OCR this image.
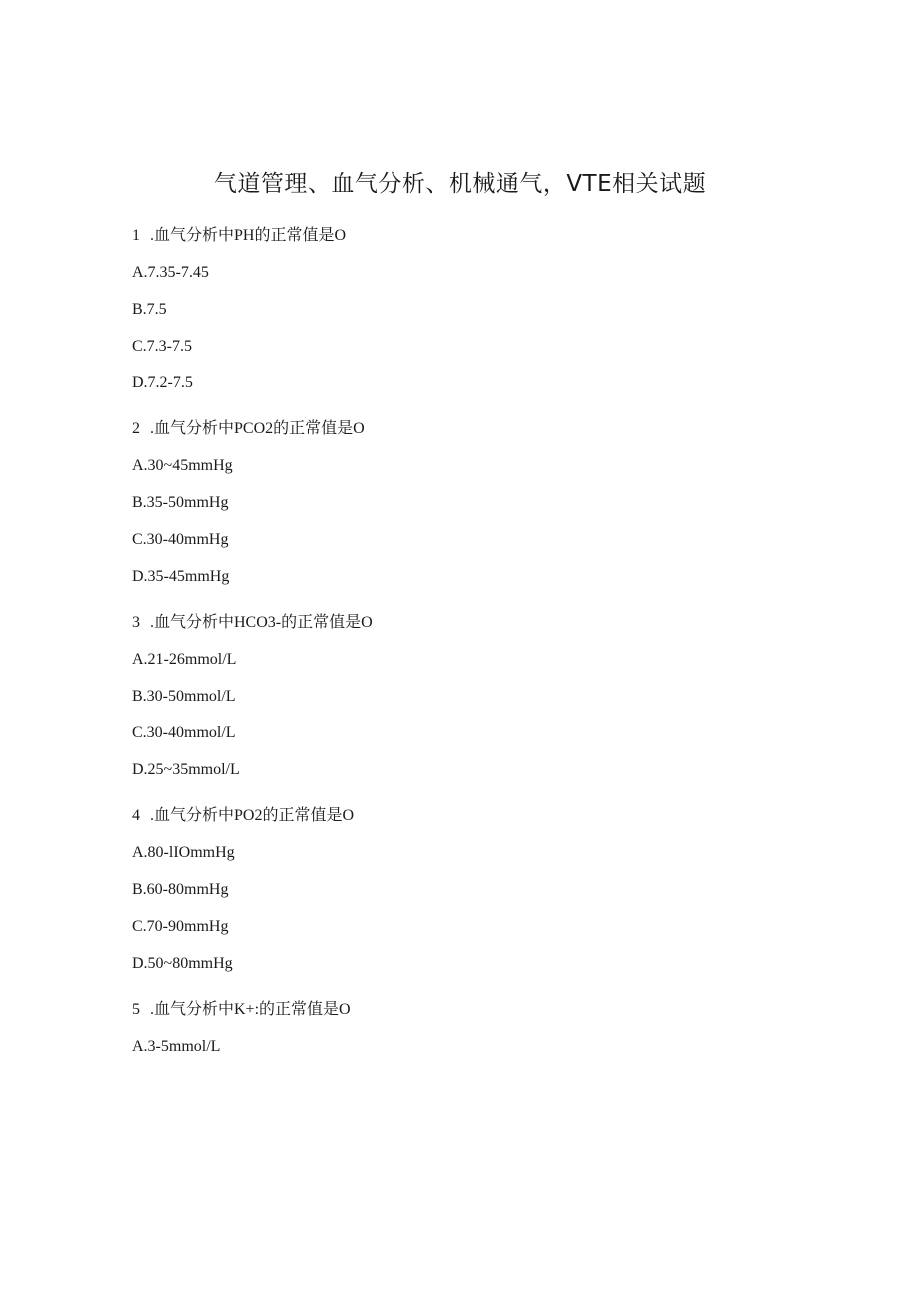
气道管理、血气分析、机械通气，VTE相关试题
1 .血气分析中PH的正常值是O
A.7.35-7.45
B.7.5
C.7.3-7.5
D.7.2-7.5
2 .血气分析中PCO2的正常值是O
A.30~45mmHg
B.35-50mmHg
C.30-40mmHg
D.35-45mmHg
3 .血气分析中HCO3-的正常值是O
A.21-26mmol/L
B.30-50mmol/L
C.30-40mmol/L
D.25~35mmol/L
4 .血气分析中PO2的正常值是O
A.80-lIOmmHg
B.60-80mmHg
C.70-90mmHg
D.50~80mmHg
5 .血气分析中K+:的正常值是O
A.3-5mmol/L
